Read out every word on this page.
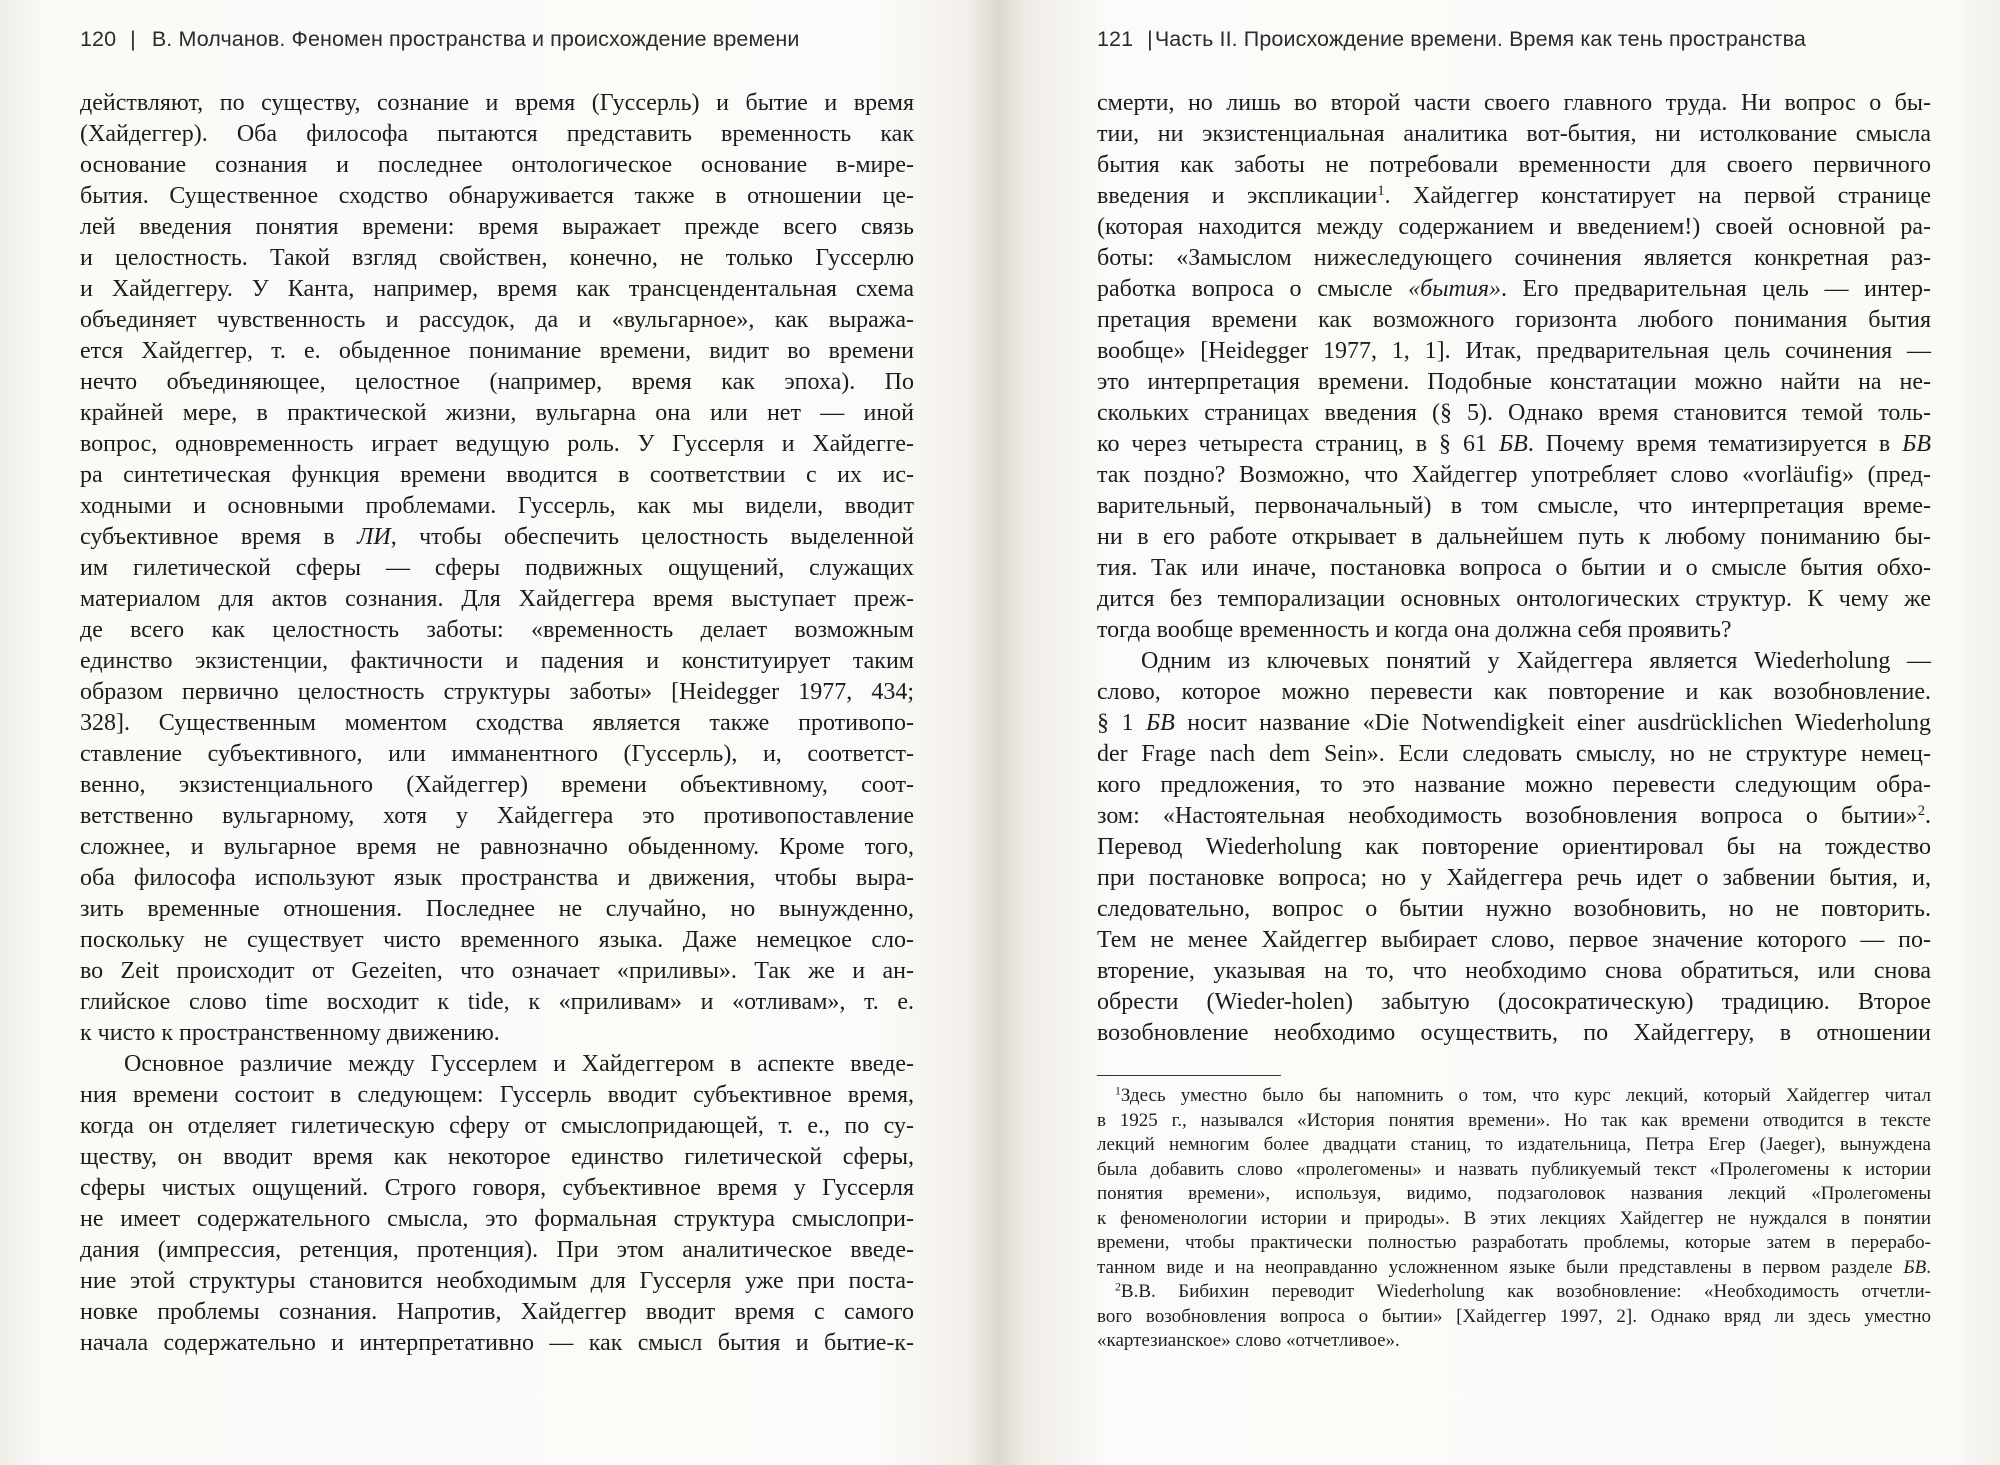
120 | В. Молчанов. Феномен пространства и происхождение времени
действляют, по существу, сознание и время (Гуссерль) и бытие и время
(Хайдеггер). Оба философа пытаются представить временность как
основание сознания и последнее онтологическое основание в-мире-
бытия. Существенное сходство обнаруживается также в отношении це-
лей введения понятия времени: время выражает прежде всего связь
и целостность. Такой взгляд свойствен, конечно, не только Гуссерлю
и Хайдеггеру. У Канта, например, время как трансцендентальная схема
объединяет чувственность и рассудок, да и «вульгарное», как выража-
ется Хайдеггер, т. е. обыденное понимание времени, видит во времени
нечто объединяющее, целостное (например, время как эпоха). По
крайней мере, в практической жизни, вульгарна она или нет — иной
вопрос, одновременность играет ведущую роль. У Гуссерля и Хайдегге-
ра синтетическая функция времени вводится в соответствии с их ис-
ходными и основными проблемами. Гуссерль, как мы видели, вводит
субъективное время в ЛИ, чтобы обеспечить целостность выделенной
им гилетической сферы — сферы подвижных ощущений, служащих
материалом для актов сознания. Для Хайдеггера время выступает преж-
де всего как целостность заботы: «временность делает возможным
единство экзистенции, фактичности и падения и конституирует таким
образом первично целостность структуры заботы» [Heidegger 1977, 434;
328]. Существенным моментом сходства является также противопо-
ставление субъективного, или имманентного (Гуссерль), и, соответст-
венно, экзистенциального (Хайдеггер) времени объективному, соот-
ветственно вульгарному, хотя у Хайдеггера это противопоставление
сложнее, и вульгарное время не равнозначно обыденному. Кроме того,
оба философа используют язык пространства и движения, чтобы выра-
зить временные отношения. Последнее не случайно, но вынужденно,
поскольку не существует чисто временного языка. Даже немецкое сло-
во Zeit происходит от Gezeiten, что означает «приливы». Так же и ан-
глийское слово time восходит к tide, к «приливам» и «отливам», т. е.
к чисто к пространственному движению.
Основное различие между Гуссерлем и Хайдеггером в аспекте введе-
ния времени состоит в следующем: Гуссерль вводит субъективное время,
когда он отделяет гилетическую сферу от смыслопридающей, т. е., по су-
ществу, он вводит время как некоторое единство гилетической сферы,
сферы чистых ощущений. Строго говоря, субъективное время у Гуссерля
не имеет содержательного смысла, это формальная структура смыслопри-
дания (импрессия, ретенция, протенция). При этом аналитическое введе-
ние этой структуры становится необходимым для Гуссерля уже при поста-
новке проблемы сознания. Напротив, Хайдеггер вводит время с самого
начала содержательно и интерпретативно — как смысл бытия и бытие-к-
121 |Часть II. Происхождение времени. Время как тень пространства
смерти, но лишь во второй части своего главного труда. Ни вопрос о бы-
тии, ни экзистенциальная аналитика вот-бытия, ни истолкование смысла
бытия как заботы не потребовали временности для своего первичного
введения и экспликации$^1$. Хайдеггер констатирует на первой странице
(которая находится между содержанием и введением!) своей основной ра-
боты: «Замыслом нижеследующего сочинения является конкретная раз-
работка вопроса о смысле «бытия». Его предварительная цель — интер-
претация времени как возможного горизонта любого понимания бытия
вообще» [Heidegger 1977, 1, 1]. Итак, предварительная цель сочинения —
это интерпретация времени. Подобные констатации можно найти на не-
скольких страницах введения (§ 5). Однако время становится темой толь-
ко через четыреста страниц, в § 61 БВ. Почему время тематизируется в БВ
так поздно? Возможно, что Хайдеггер употребляет слово «vorläufig» (пред-
варительный, первоначальный) в том смысле, что интерпретация време-
ни в его работе открывает в дальнейшем путь к любому пониманию бы-
тия. Так или иначе, постановка вопроса о бытии и о смысле бытия обхо-
дится без темпорализации основных онтологических структур. К чему же
тогда вообще временность и когда она должна себя проявить?
Одним из ключевых понятий у Хайдеггера является Wiederholung —
слово, которое можно перевести как повторение и как возобновление.
§ 1 БВ носит название «Die Notwendigkeit einer ausdrücklichen Wiederholung
der Frage nach dem Sein». Если следовать смыслу, но не структуре немец-
кого предложения, то это название можно перевести следующим обра-
зом: «Настоятельная необходимость возобновления вопроса о бытии»$^2$.
Перевод Wiederholung как повторение ориентировал бы на тождество
при постановке вопроса; но у Хайдеггера речь идет о забвении бытия, и,
следовательно, вопрос о бытии нужно возобновить, но не повторить.
Тем не менее Хайдеггер выбирает слово, первое значение которого — по-
вторение, указывая на то, что необходимо снова обратиться, или снова
обрести (Wieder-holen) забытую (досократическую) традицию. Второе
возобновление необходимо осуществить, по Хайдеггеру, в отношении
$^1$Здесь уместно было бы напомнить о том, что курс лекций, который Хайдеггер читал
в 1925 г., назывался «История понятия времени». Но так как времени отводится в тексте
лекций немногим более двадцати станиц, то издательница, Петра Егер (Jaeger), вынуждена
была добавить слово «пролегомены» и назвать публикуемый текст «Пролегомены к истории
понятия времени», используя, видимо, подзаголовок названия лекций «Пролегомены
к феноменологии истории и природы». В этих лекциях Хайдеггер не нуждался в понятии
времени, чтобы практически полностью разработать проблемы, которые затем в перерабо-
танном виде и на неоправданно усложненном языке были представлены в первом разделе БВ.
$^2$В.В. Бибихин переводит Wiederholung как возобновление: «Необходимость отчетли-
вого возобновления вопроса о бытии» [Хайдеггер 1997, 2]. Однако вряд ли здесь уместно
«картезианское» слово «отчетливое».
